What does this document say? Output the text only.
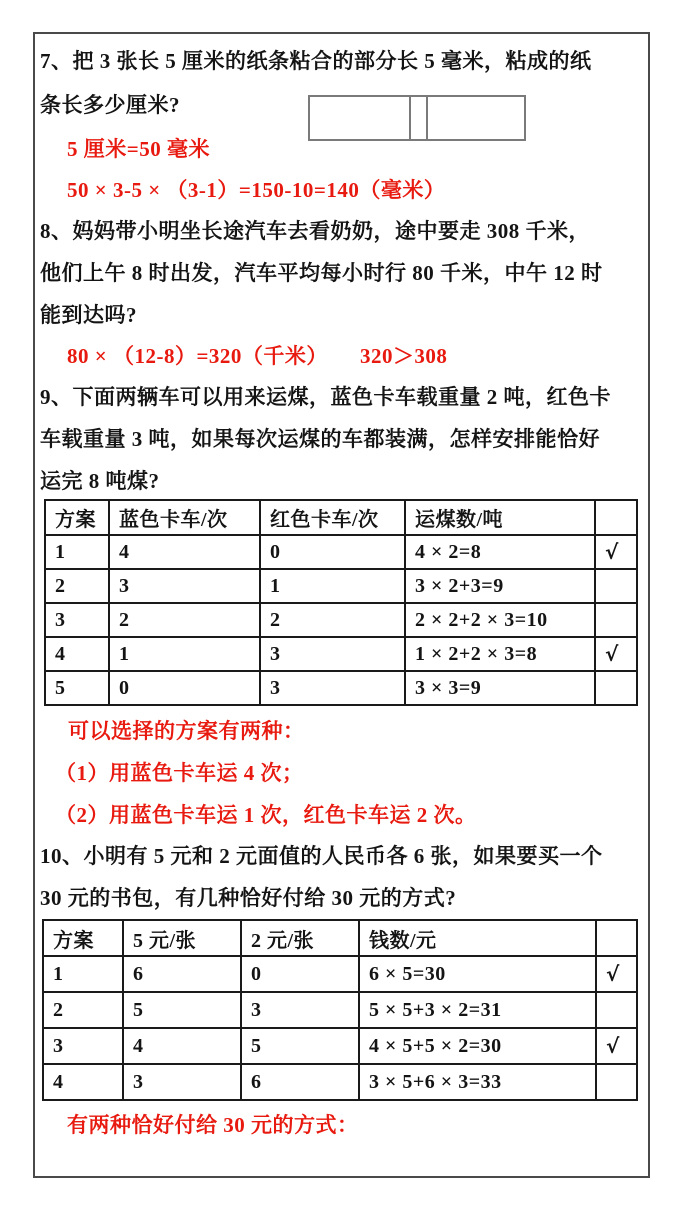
7、把 3 张长 5 厘米的纸条粘合的部分长 5 毫米，粘成的纸
条长多少厘米?
5 厘米=50 毫米
50 × 3-5 × （3-1）=150-10=140（毫米）
8、妈妈带小明坐长途汽车去看奶奶，途中要走 308 千米，
他们上午 8 时出发，汽车平均每小时行 80 千米，中午 12 时
能到达吗?
80 × （12-8）=320（千米） 320＞308
9、下面两辆车可以用来运煤，蓝色卡车载重量 2 吨，红色卡
车载重量 3 吨，如果每次运煤的车都装满，怎样安排能恰好
运完 8 吨煤?
方案	蓝色卡车/次	红色卡车/次	运煤数/吨	
1	4	0	4 × 2=8	√
2	3	1	3 × 2+3=9	
3	2	2	2 × 2+2 × 3=10	
4	1	3	1 × 2+2 × 3=8	√
5	0	3	3 × 3=9	
可以选择的方案有两种：
（1）用蓝色卡车运 4 次；
（2）用蓝色卡车运 1 次，红色卡车运 2 次。
10、小明有 5 元和 2 元面值的人民币各 6 张，如果要买一个
30 元的书包，有几种恰好付给 30 元的方式?
方案	5 元/张	2 元/张	钱数/元	
1	6	0	6 × 5=30	√
2	5	3	5 × 5+3 × 2=31	
3	4	5	4 × 5+5 × 2=30	√
4	3	6	3 × 5+6 × 3=33	
有两种恰好付给 30 元的方式：
